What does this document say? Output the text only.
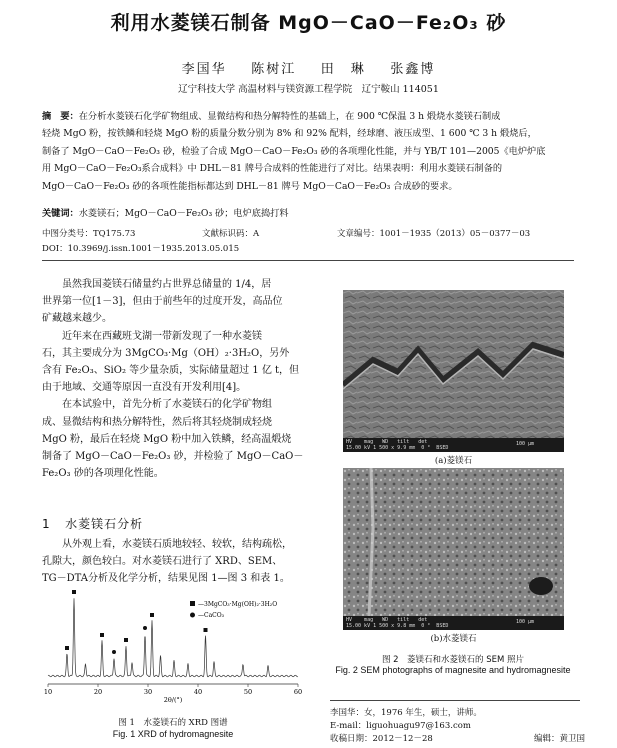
利用水菱镁石制备 MgO－CaO－Fe₂O₃ 砂
李国华 陈树江 田　琳 张鑫博
辽宁科技大学 高温材料与镁资源工程学院　辽宁鞍山 114051
摘　要：在分析水菱镁石化学矿物组成、显微结构和热分解特性的基础上，在 900 ℃保温 3 h 煅烧水菱镁石制成
轻烧 MgO 粉，按铁鳞和轻烧 MgO 粉的质量分数分别为 8% 和 92% 配料，经球磨、液压成型、1 600 ℃ 3 h 煅烧后，
制备了 MgO－CaO－Fe₂O₃ 砂，检验了合成 MgO－CaO－Fe₂O₃ 砂的各项理化性能，并与 YB/T 101—2005《电炉炉底
用 MgO－CaO－Fe₂O₃系合成料》中 DHL－81 牌号合成料的性能进行了对比。结果表明：利用水菱镁石制备的
MgO－CaO－Fe₂O₃ 砂的各项性能指标都达到 DHL－81 牌号 MgO－CaO－Fe₂O₃ 合成砂的要求。
关键词：水菱镁石；MgO－CaO－Fe₂O₃ 砂；电炉底捣打料
中图分类号：TQ175.73	文献标识码：A	文章编号：1001－1935（2013）05－0377－03
DOI：10.3969/j.issn.1001－1935.2013.05.015

虽然我国菱镁石储量约占世界总储量的 1/4，居
世界第一位[1－3]，但由于前些年的过度开发，高品位
矿藏越来越少。

近年来在西藏班戈湖一带新发现了一种水菱镁
石，其主要成分为 3MgCO₃·Mg（OH）₂·3H₂O，另外
含有 Fe₂O₃、SiO₂ 等少量杂质，实际储量超过 1 亿 t，但
由于地域、交通等原因一直没有开发利用[4]。

在本试验中，首先分析了水菱镁石的化学矿物组
成、显微结构和热分解特性，然后将其轻烧制成轻烧
MgO 粉，最后在轻烧 MgO 粉中加入铁鳞，经高温煅烧
制备了 MgO－CaO－Fe₂O₃ 砂，并检验了 MgO－CaO－
Fe₂O₃ 砂的各项理化性能。

1 水菱镁石分析

从外观上看，水菱镁石质地较轻、较软，结构疏松，
孔隙大，颜色较白。对水菱镁石进行了 XRD、SEM、
TG－DTA分析及化学分析，结果见图 1—图 3 和表 1。

10	20	30	40	50	60
—3MgCO₃·Mg(OH)₂·3H₂O
—CaCO₃
2θ/(°)
图 1　水菱镁石的 XRD 图谱
Fig. 1 XRD of hydromagnesite
HV    mag   WD   tilt   det
15.00 kV 1 500 x 9.9 mm  0 °  BSED

100 μm

(a)菱镁石
HV    mag   WD   tilt   det
15.00 kV 1 500 x 9.8 mm  0 °  BSED

100 μm

(b)水菱镁石
图 2　菱镁石和水菱镁石的 SEM 照片
Fig. 2 SEM photographs of magnesite and hydromagnesite
李国华：女，1976 年生，硕士，讲师。
E-mail：liguohuagu97@163.com
收稿日期：2012－12－28	编辑：黄卫国
